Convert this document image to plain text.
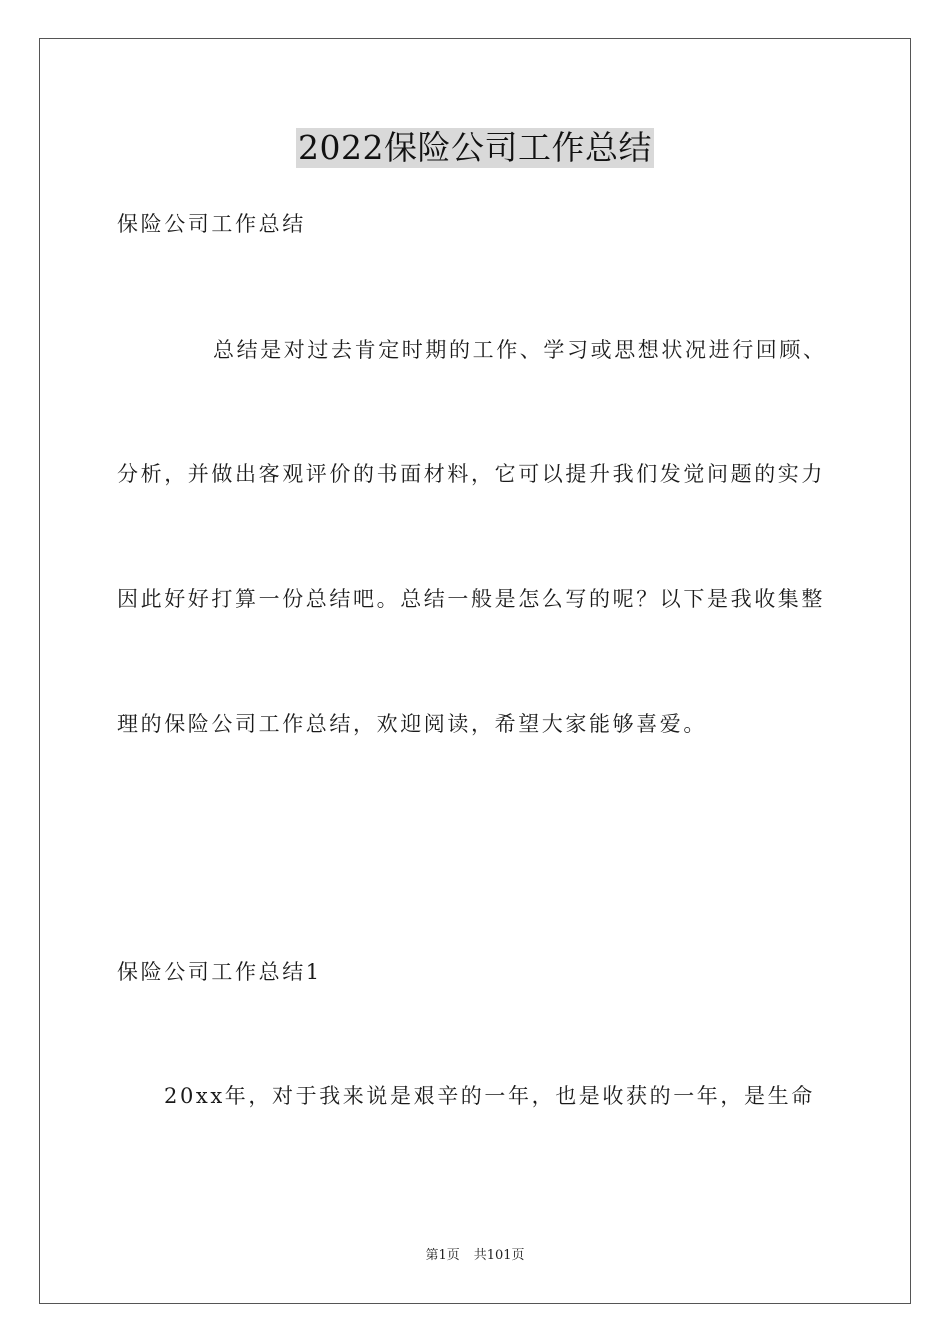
2022保险公司工作总结
保险公司工作总结
总结是对过去肯定时期的工作、学习或思想状况进行回顾、
分析，并做出客观评价的书面材料，它可以提升我们发觉问题的实力
因此好好打算一份总结吧。总结一般是怎么写的呢？以下是我收集整
理的保险公司工作总结，欢迎阅读，希望大家能够喜爱。
保险公司工作总结1
20xx年，对于我来说是艰辛的一年，也是收获的一年，是生命
第1页 共101页
